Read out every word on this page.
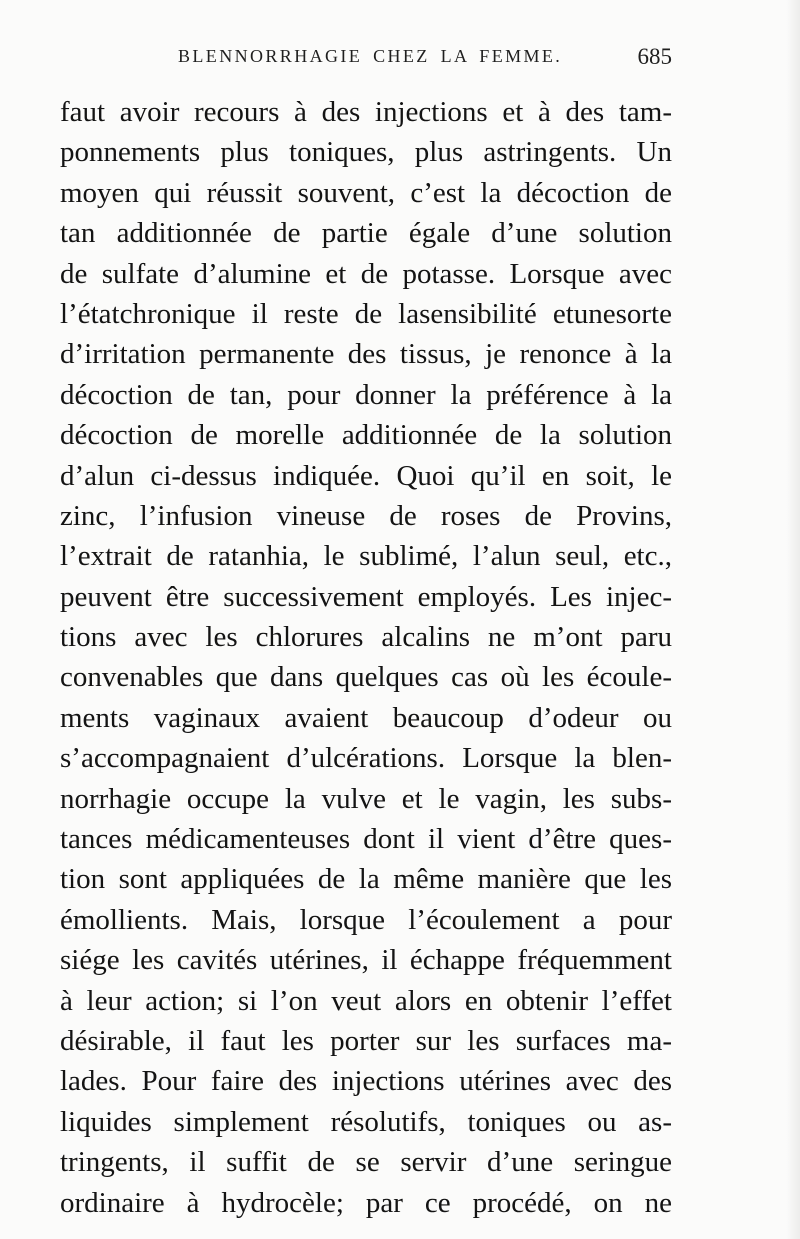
BLENNORRHAGIE CHEZ LA FEMME.	685
faut avoir recours à des injections et à des tam-
ponnements plus toniques, plus astringents. Un
moyen qui réussit souvent, c’est la décoction de
tan additionnée de partie égale d’une solution
de sulfate d’alumine et de potasse. Lorsque avec
l’étatchronique il reste de lasensibilité etunesorte
d’irritation permanente des tissus, je renonce à la
décoction de tan, pour donner la préférence à la
décoction de morelle additionnée de la solution
d’alun ci-dessus indiquée. Quoi qu’il en soit, le
zinc, l’infusion vineuse de roses de Provins,
l’extrait de ratanhia, le sublimé, l’alun seul, etc.,
peuvent être successivement employés. Les injec-
tions avec les chlorures alcalins ne m’ont paru
convenables que dans quelques cas où les écoule-
ments vaginaux avaient beaucoup d’odeur ou
s’accompagnaient d’ulcérations. Lorsque la blen-
norrhagie occupe la vulve et le vagin, les subs-
tances médicamenteuses dont il vient d’être ques-
tion sont appliquées de la même manière que les
émollients. Mais, lorsque l’écoulement a pour
siége les cavités utérines, il échappe fréquemment
à leur action; si l’on veut alors en obtenir l’effet
désirable, il faut les porter sur les surfaces ma-
lades. Pour faire des injections utérines avec des
liquides simplement résolutifs, toniques ou as-
tringents, il suffit de se servir d’une seringue
ordinaire à hydrocèle; par ce procédé, on ne
